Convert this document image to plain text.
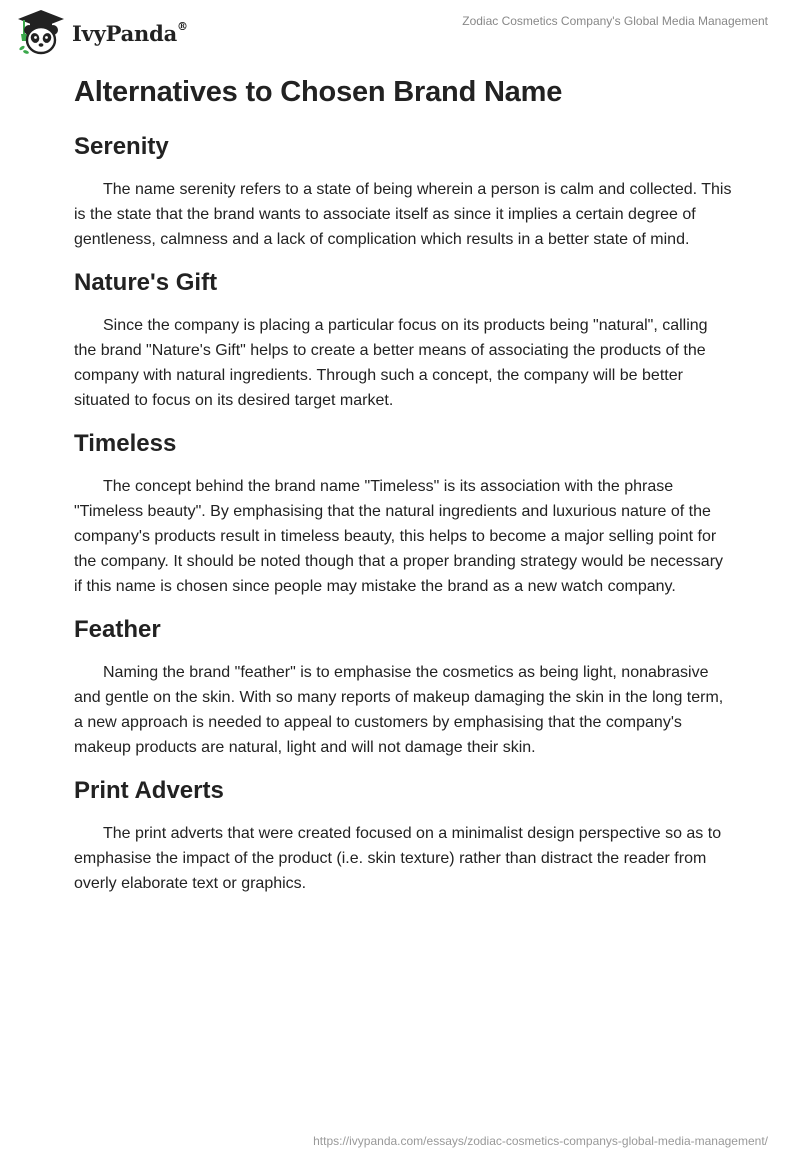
IvyPanda®	Zodiac Cosmetics Company's Global Media Management
Alternatives to Chosen Brand Name
Serenity

The name serenity refers to a state of being wherein a person is calm and collected. This is the state that the brand wants to associate itself as since it implies a certain degree of gentleness, calmness and a lack of complication which results in a better state of mind.

Nature's Gift

Since the company is placing a particular focus on its products being "natural", calling the brand "Nature's Gift" helps to create a better means of associating the products of the company with natural ingredients. Through such a concept, the company will be better situated to focus on its desired target market.

Timeless

The concept behind the brand name "Timeless" is its association with the phrase "Timeless beauty". By emphasising that the natural ingredients and luxurious nature of the company's products result in timeless beauty, this helps to become a major selling point for the company. It should be noted though that a proper branding strategy would be necessary if this name is chosen since people may mistake the brand as a new watch company.

Feather

Naming the brand "feather" is to emphasise the cosmetics as being light, nonabrasive and gentle on the skin. With so many reports of makeup damaging the skin in the long term, a new approach is needed to appeal to customers by emphasising that the company's makeup products are natural, light and will not damage their skin.

Print Adverts

The print adverts that were created focused on a minimalist design perspective so as to emphasise the impact of the product (i.e. skin texture) rather than distract the reader from overly elaborate text or graphics.

https://ivypanda.com/essays/zodiac-cosmetics-companys-global-media-management/
